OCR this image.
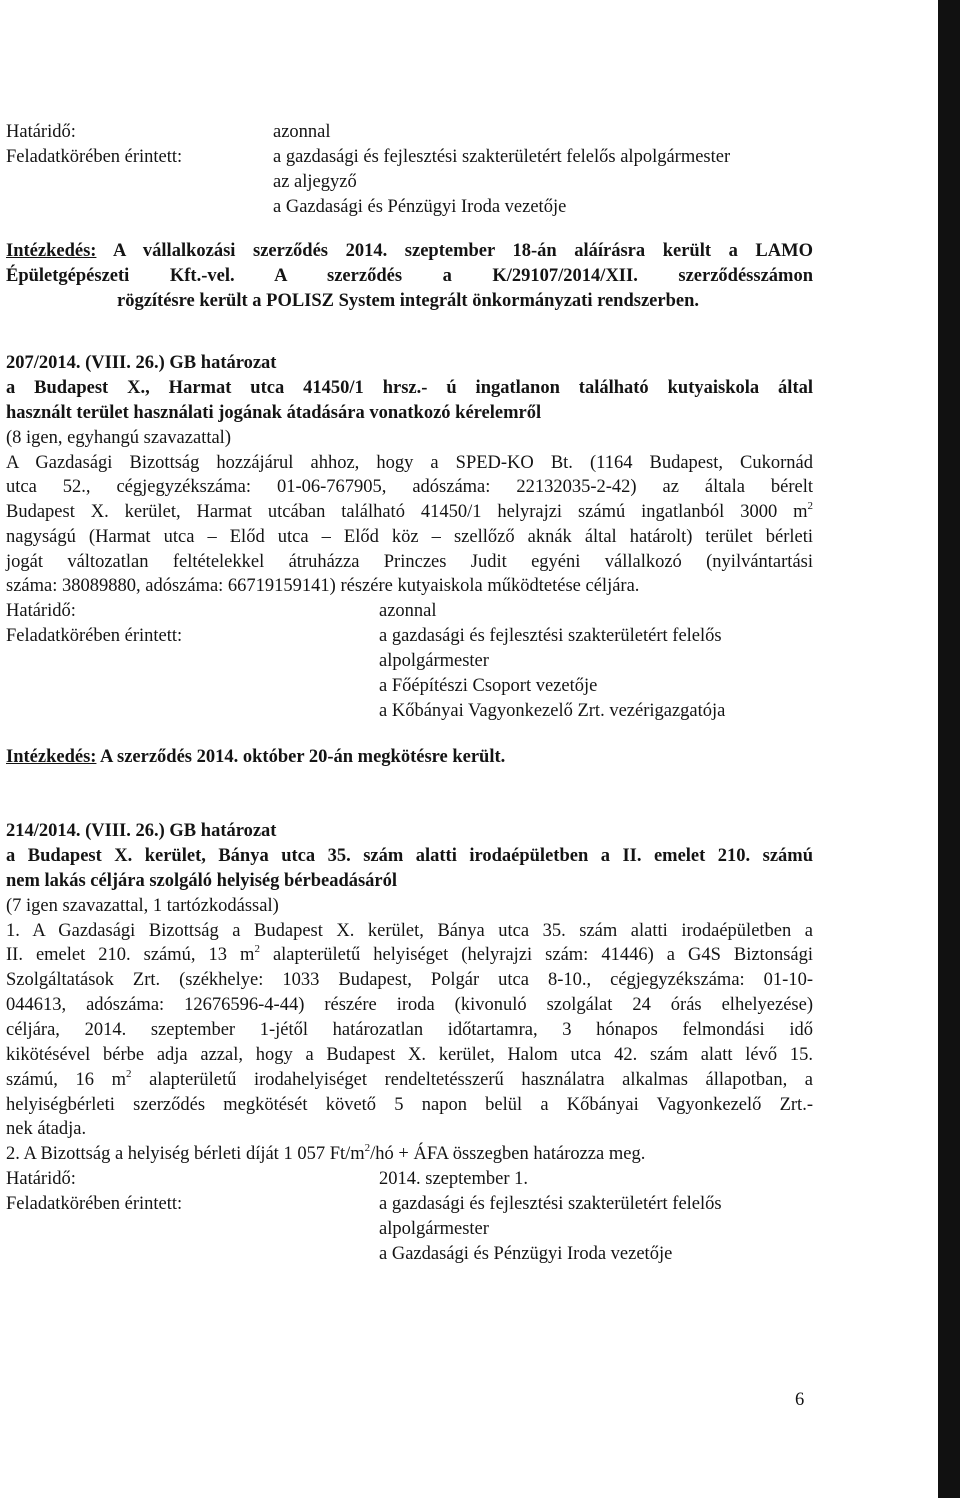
Határidő:	azonnal
Feladatkörében érintett:	a gazdasági és fejlesztési szakterületért felelős alpolgármester
az aljegyző
a Gazdasági és Pénzügyi Iroda vezetője
Intézkedés: A vállalkozási szerződés 2014. szeptember 18-án aláírásra került a LAMO
Épületgépészeti Kft.-vel. A szerződés a K/29107/2014/XII. szerződésszámon
rögzítésre került a POLISZ System integrált önkormányzati rendszerben.
207/2014. (VIII. 26.) GB határozat
a Budapest X., Harmat utca 41450/1 hrsz.- ú ingatlanon található kutyaiskola által
használt terület használati jogának átadására vonatkozó kérelemről
(8 igen, egyhangú szavazattal)
A Gazdasági Bizottság hozzájárul ahhoz, hogy a SPED-KO Bt. (1164 Budapest, Cukornád
utca 52., cégjegyzékszáma: 01-06-767905, adószáma: 22132035-2-42) az általa bérelt
Budapest X. kerület, Harmat utcában található 41450/1 helyrajzi számú ingatlanból 3000 $m^2$
nagyságú (Harmat utca – Előd utca – Előd köz – szellőző aknák által határolt) terület bérleti
jogát változatlan feltételekkel átruházza Princzes Judit egyéni vállalkozó (nyilvántartási
száma: 38089880, adószáma: 66719159141) részére kutyaiskola működtetése céljára.
Határidő:	azonnal
Feladatkörében érintett:	a gazdasági és fejlesztési szakterületért felelős
alpolgármester
a Főépítészi Csoport vezetője
a Kőbányai Vagyonkezelő Zrt. vezérigazgatója
Intézkedés: A szerződés 2014. október 20-án megkötésre került.
214/2014. (VIII. 26.) GB határozat
a Budapest X. kerület, Bánya utca 35. szám alatti irodaépületben a II. emelet 210. számú
nem lakás céljára szolgáló helyiség bérbeadásáról
(7 igen szavazattal, 1 tartózkodással)
1. A Gazdasági Bizottság a Budapest X. kerület, Bánya utca 35. szám alatti irodaépületben a
II. emelet 210. számú, 13 $m^2$ alapterületű helyiséget (helyrajzi szám: 41446) a G4S Biztonsági
Szolgáltatások Zrt. (székhelye: 1033 Budapest, Polgár utca 8-10., cégjegyzékszáma: 01-10-
044613, adószáma: 12676596-4-44) részére iroda (kivonuló szolgálat 24 órás elhelyezése)
céljára, 2014. szeptember 1-jétől határozatlan időtartamra, 3 hónapos felmondási idő
kikötésével bérbe adja azzal, hogy a Budapest X. kerület, Halom utca 42. szám alatt lévő 15.
számú, 16 $m^2$ alapterületű irodahelyiséget rendeltetésszerű használatra alkalmas állapotban, a
helyiségbérleti szerződés megkötését követő 5 napon belül a Kőbányai Vagyonkezelő Zrt.-
nek átadja.
2. A Bizottság a helyiség bérleti díját 1 057 $Ft/m^2/hó$ + ÁFA összegben határozza meg.
Határidő:	2014. szeptember 1.
Feladatkörében érintett:	a gazdasági és fejlesztési szakterületért felelős
alpolgármester
a Gazdasági és Pénzügyi Iroda vezetője
6
